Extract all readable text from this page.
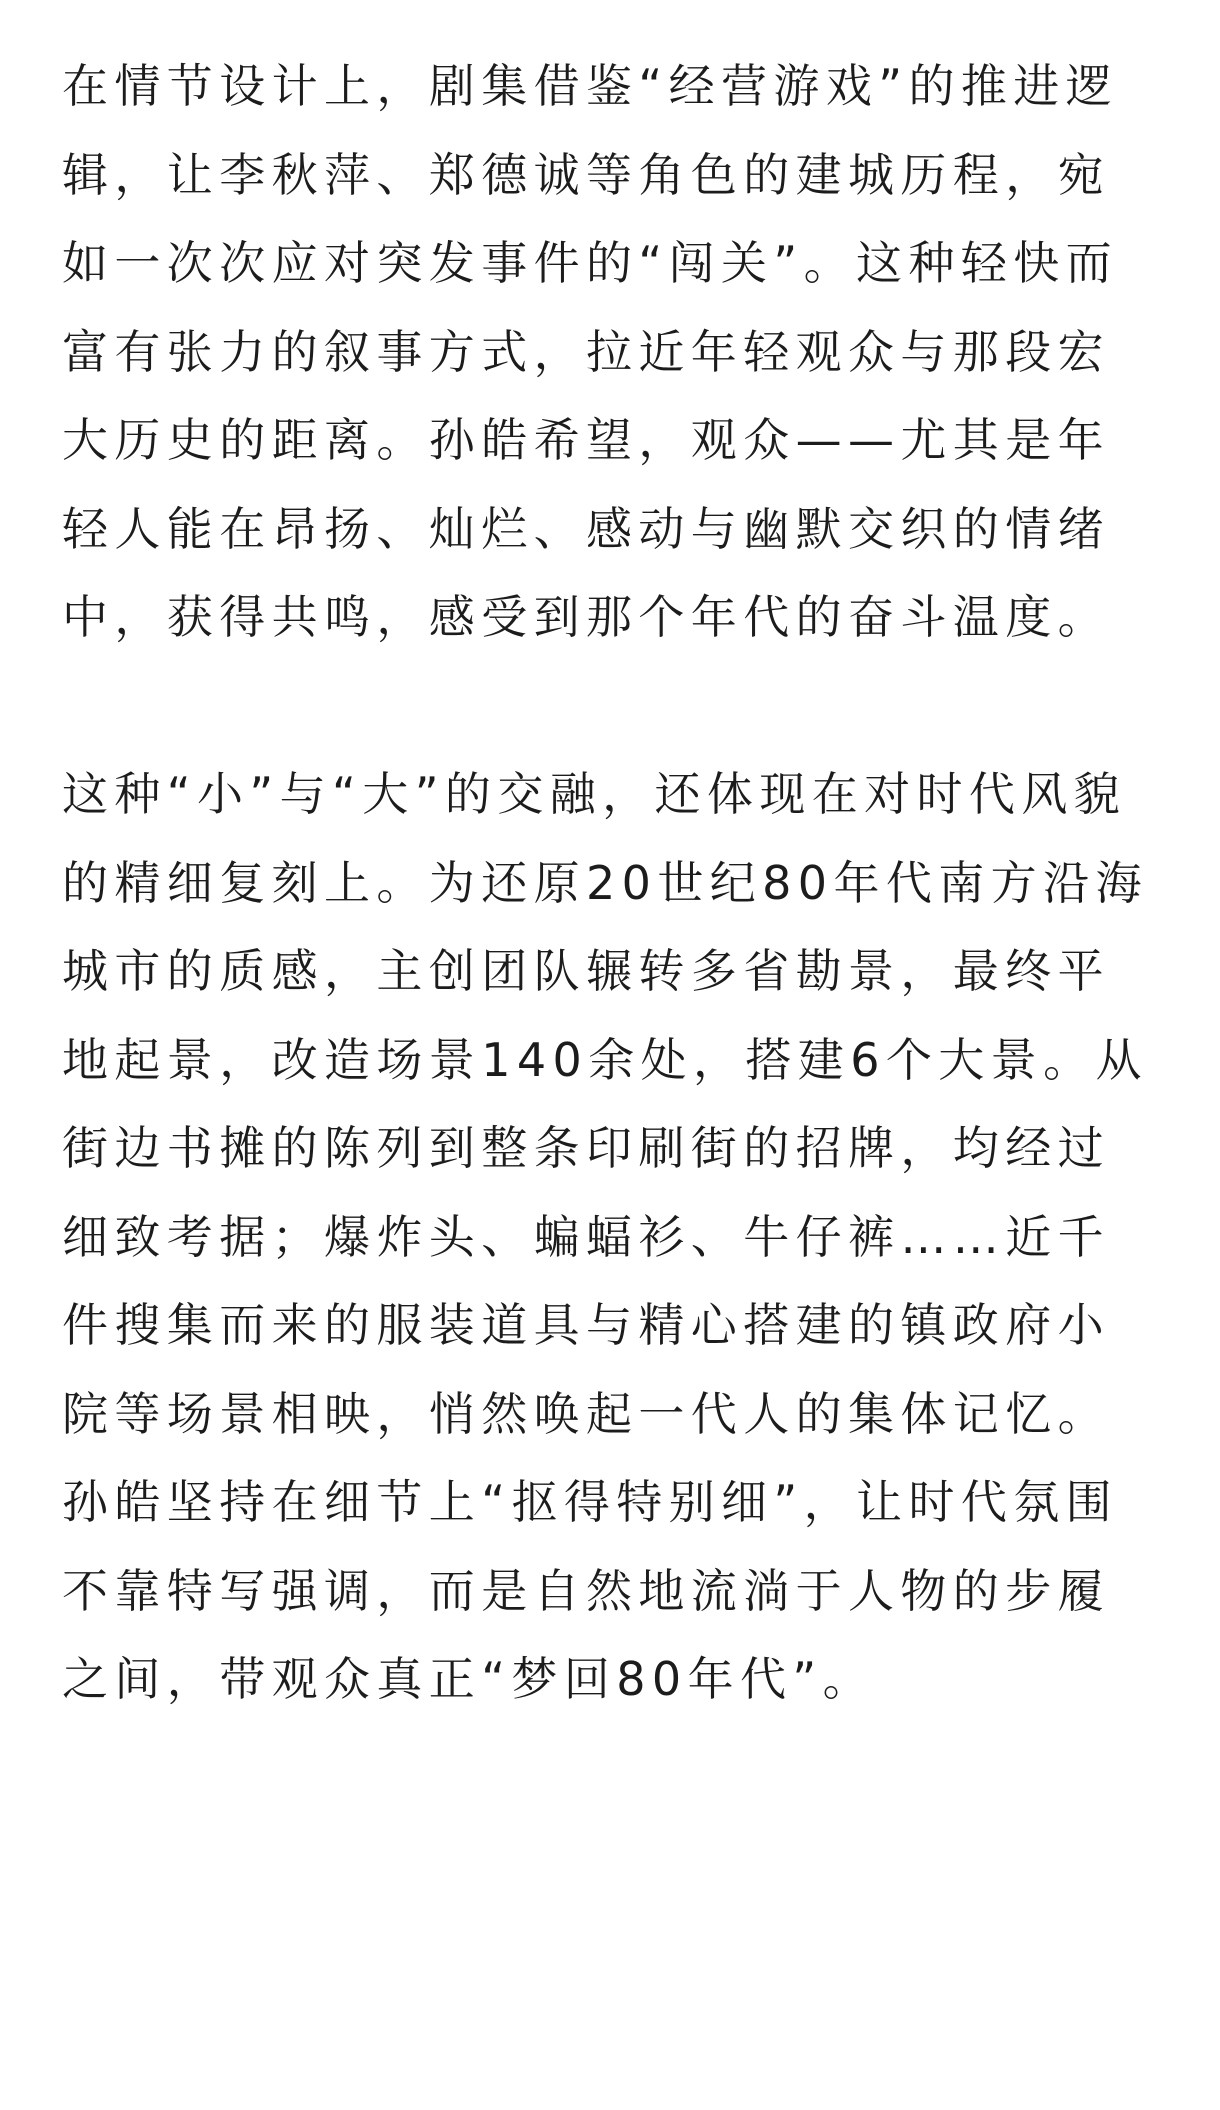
在情节设计上，剧集借鉴“经营游戏”的推进逻辑，让李秋萍、郑德诚等角色的建城历程，宛如一次次应对突发事件的“闯关”。这种轻快而富有张力的叙事方式，拉近年轻观众与那段宏大历史的距离。孙皓希望，观众——尤其是年轻人能在昂扬、灿烂、感动与幽默交织的情绪中，获得共鸣，感受到那个年代的奋斗温度。

这种“小”与“大”的交融，还体现在对时代风貌的精细复刻上。为还原20世纪80年代南方沿海城市的质感，主创团队辗转多省勘景，最终平地起景，改造场景140余处，搭建6个大景。从街边书摊的陈列到整条印刷街的招牌，均经过细致考据；爆炸头、蝙蝠衫、牛仔裤……近千件搜集而来的服装道具与精心搭建的镇政府小院等场景相映，悄然唤起一代人的集体记忆。孙皓坚持在细节上“抠得特别细”，让时代氛围不靠特写强调，而是自然地流淌于人物的步履之间，带观众真正“梦回80年代”。
